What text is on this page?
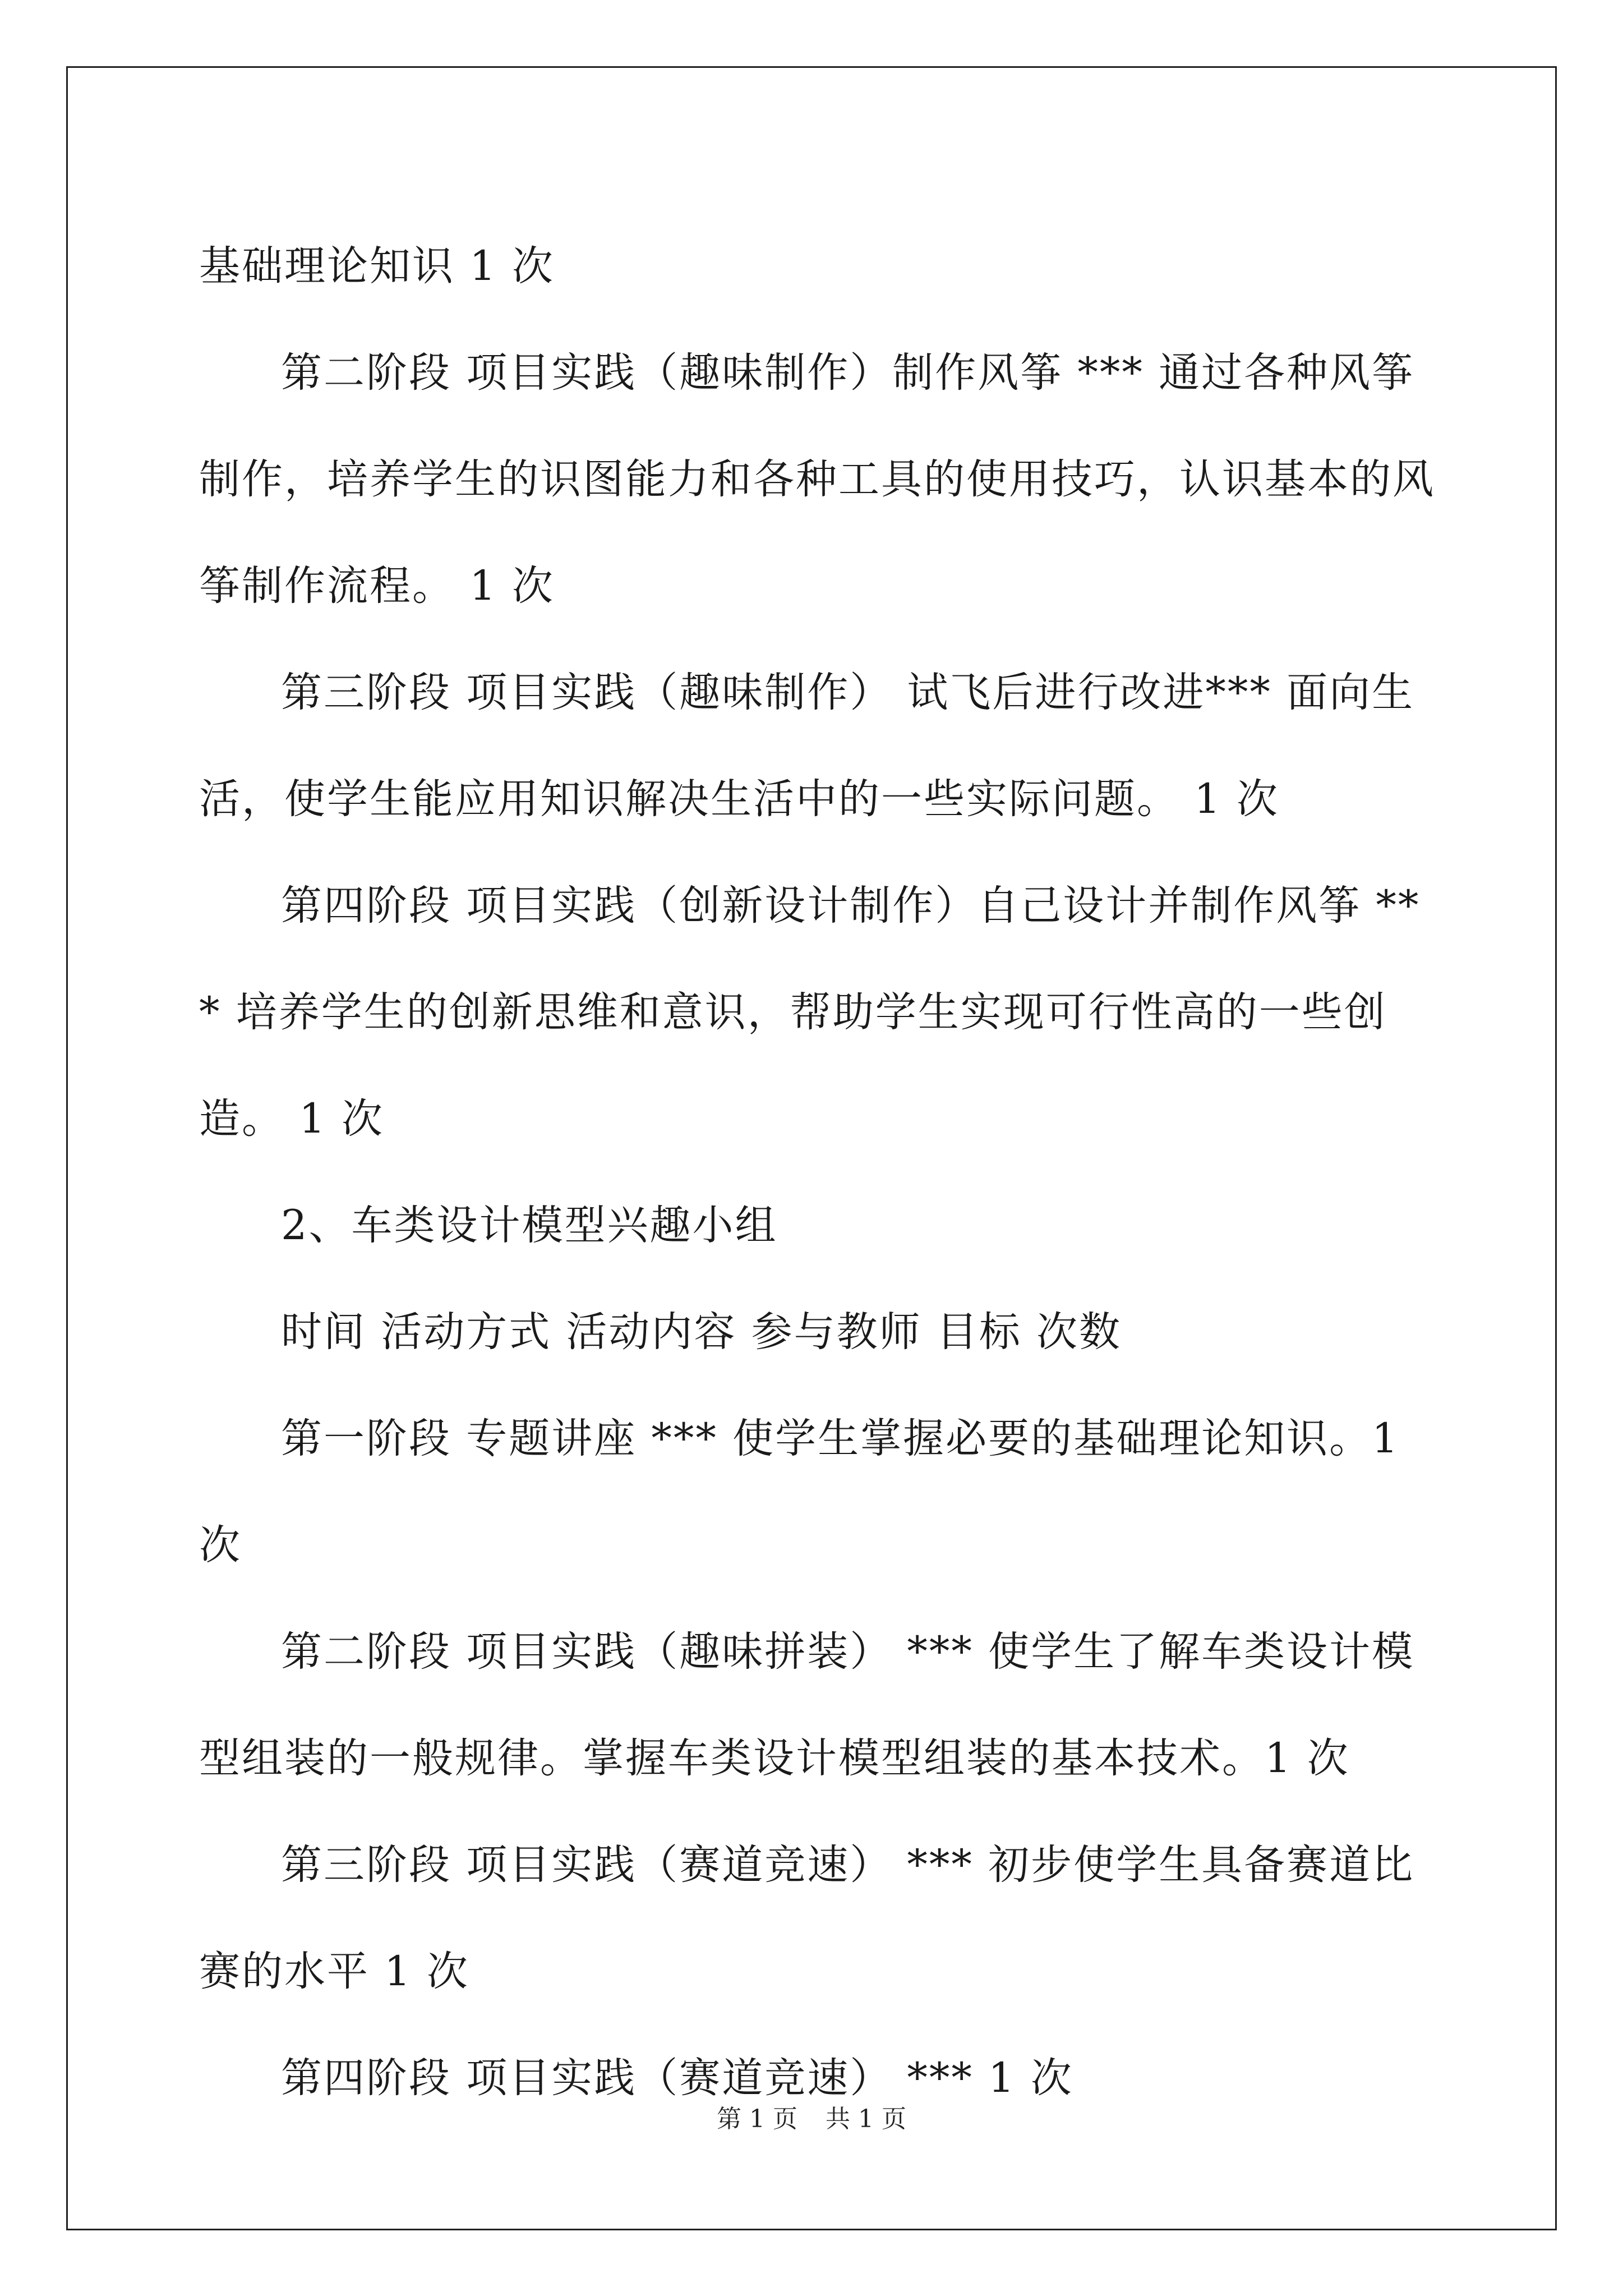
基础理论知识 1 次

第二阶段 项目实践（趣味制作）制作风筝 *** 通过各种风筝制作，培养学生的识图能力和各种工具的使用技巧，认识基本的风筝制作流程。 1 次

第三阶段 项目实践（趣味制作） 试飞后进行改进*** 面向生活，使学生能应用知识解决生活中的一些实际问题。 1 次

第四阶段 项目实践（创新设计制作）自己设计并制作风筝 *** 培养学生的创新思维和意识，帮助学生实现可行性高的一些创造。 1 次

2、车类设计模型兴趣小组

时间 活动方式 活动内容 参与教师 目标 次数

第一阶段 专题讲座 *** 使学生掌握必要的基础理论知识。1 次

第二阶段 项目实践（趣味拼装） *** 使学生了解车类设计模型组装的一般规律。掌握车类设计模型组装的基本技术。1 次

第三阶段 项目实践（赛道竞速） *** 初步使学生具备赛道比赛的水平 1 次

第四阶段 项目实践（赛道竞速） *** 1 次

第 1 页 共 1 页
